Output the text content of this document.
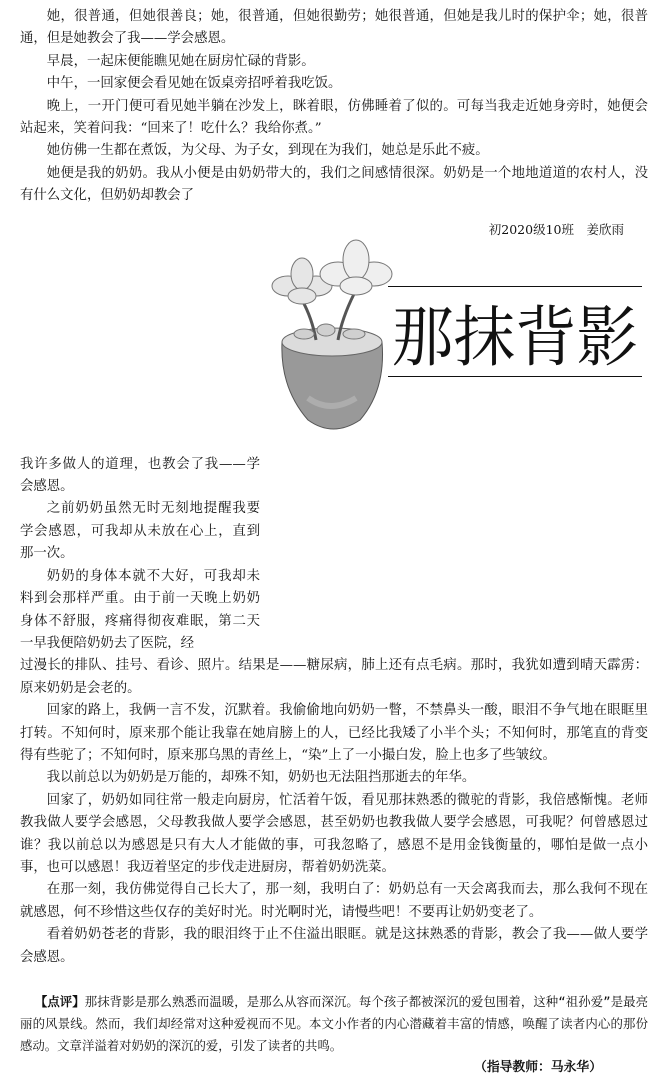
她，很普通，但她很善良；她，很普通，但她很勤劳；她很普通，但她是我儿时的保护伞；她，很普通，但是她教会了我——学会感恩。

早晨，一起床便能瞧见她在厨房忙碌的背影。

中午，一回家便会看见她在饭桌旁招呼着我吃饭。

晚上，一开门便可看见她半躺在沙发上，眯着眼，仿佛睡着了似的。可每当我走近她身旁时，她便会站起来，笑着问我：“回来了！吃什么？我给你煮。”

她仿佛一生都在煮饭，为父母、为子女，到现在为我们，她总是乐此不疲。

她便是我的奶奶。我从小便是由奶奶带大的，我们之间感情很深。奶奶是一个地地道道的农村人，没有什么文化，但奶奶却教会了

初2020级10班　姜欣雨
那抹背影

我许多做人的道理，也教会了我——学会感恩。

之前奶奶虽然无时无刻地提醒我要学会感恩，可我却从未放在心上，直到那一次。

奶奶的身体本就不大好，可我却未料到会那样严重。由于前一天晚上奶奶身体不舒服，疼痛得彻夜难眠，第二天一早我便陪奶奶去了医院，经

过漫长的排队、挂号、看诊、照片。结果是——糖尿病，肺上还有点毛病。那时，我犹如遭到晴天霹雳：原来奶奶是会老的。

回家的路上，我俩一言不发，沉默着。我偷偷地向奶奶一瞥，不禁鼻头一酸，眼泪不争气地在眼眶里打转。不知何时，原来那个能让我靠在她肩膀上的人，已经比我矮了小半个头；不知何时，那笔直的背变得有些驼了；不知何时，原来那乌黑的青丝上，“染”上了一小撮白发，脸上也多了些皱纹。

我以前总以为奶奶是万能的，却殊不知，奶奶也无法阻挡那逝去的年华。

回家了，奶奶如同往常一般走向厨房，忙活着午饭，看见那抹熟悉的微驼的背影，我倍感惭愧。老师教我做人要学会感恩，父母教我做人要学会感恩，甚至奶奶也教我做人要学会感恩，可我呢？何曾感恩过谁？我以前总以为感恩是只有大人才能做的事，可我忽略了，感恩不是用金钱衡量的，哪怕是做一点小事，也可以感恩！我迈着坚定的步伐走进厨房，帮着奶奶洗菜。

在那一刻，我仿佛觉得自己长大了，那一刻，我明白了：奶奶总有一天会离我而去，那么我何不现在就感恩，何不珍惜这些仅存的美好时光。时光啊时光，请慢些吧！不要再让奶奶变老了。

看着奶奶苍老的背影，我的眼泪终于止不住溢出眼眶。就是这抹熟悉的背影，教会了我——做人要学会感恩。

【点评】那抹背影是那么熟悉而温暖，是那么从容而深沉。每个孩子都被深沉的爱包围着，这种“祖孙爱”是最亮丽的风景线。然而，我们却经常对这种爱视而不见。本文小作者的内心潜藏着丰富的情感，唤醒了读者内心的那份感动。文章洋溢着对奶奶的深沉的爱，引发了读者的共鸣。

（指导教师：马永华）
